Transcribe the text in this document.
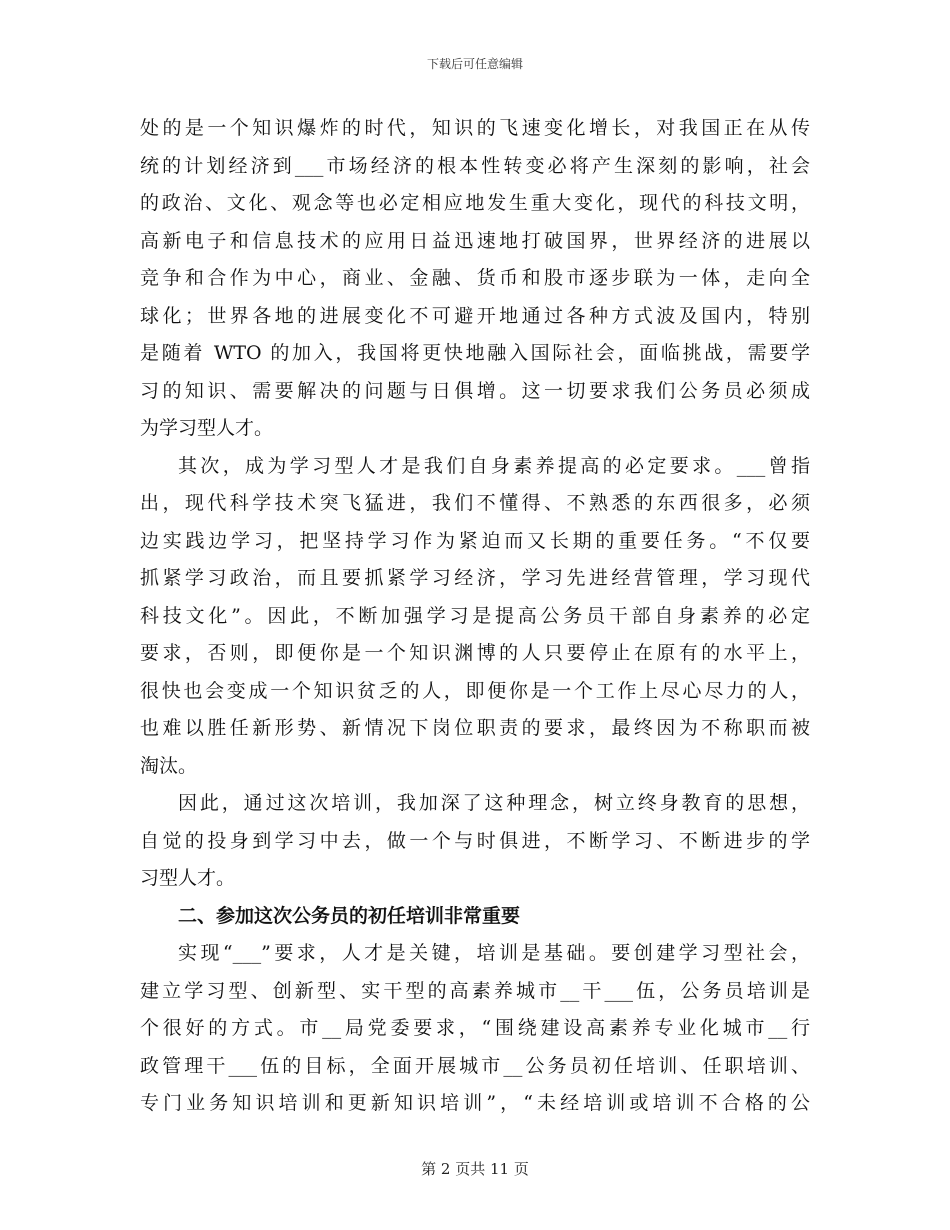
下载后可任意编辑
处的是一个知识爆炸的时代，知识的飞速变化增长，对我国正在从传
统的计划经济到___市场经济的根本性转变必将产生深刻的影响，社会
的政治、文化、观念等也必定相应地发生重大变化，现代的科技文明，
高新电子和信息技术的应用日益迅速地打破国界，世界经济的进展以
竞争和合作为中心，商业、金融、货币和股市逐步联为一体，走向全
球化；世界各地的进展变化不可避开地通过各种方式波及国内，特别
是随着 WTO 的加入，我国将更快地融入国际社会，面临挑战，需要学
习的知识、需要解决的问题与日俱增。这一切要求我们公务员必须成
为学习型人才。
其次，成为学习型人才是我们自身素养提高的必定要求。___曾指
出，现代科学技术突飞猛进，我们不懂得、不熟悉的东西很多，必须
边实践边学习，把坚持学习作为紧迫而又长期的重要任务。“不仅要
抓紧学习政治，而且要抓紧学习经济，学习先进经营管理，学习现代
科技文化”。因此，不断加强学习是提高公务员干部自身素养的必定
要求，否则，即便你是一个知识渊博的人只要停止在原有的水平上，
很快也会变成一个知识贫乏的人，即便你是一个工作上尽心尽力的人，
也难以胜任新形势、新情况下岗位职责的要求，最终因为不称职而被
淘汰。
因此，通过这次培训，我加深了这种理念，树立终身教育的思想，
自觉的投身到学习中去，做一个与时俱进，不断学习、不断进步的学
习型人才。
二、参加这次公务员的初任培训非常重要
实现“___”要求，人才是关键，培训是基础。要创建学习型社会，
建立学习型、创新型、实干型的高素养城市__干___伍，公务员培训是
个很好的方式。市__局党委要求，“围绕建设高素养专业化城市__行
政管理干___伍的目标，全面开展城市__公务员初任培训、任职培训、
专门业务知识培训和更新知识培训”，“未经培训或培训不合格的公
第 2 页共 11 页
